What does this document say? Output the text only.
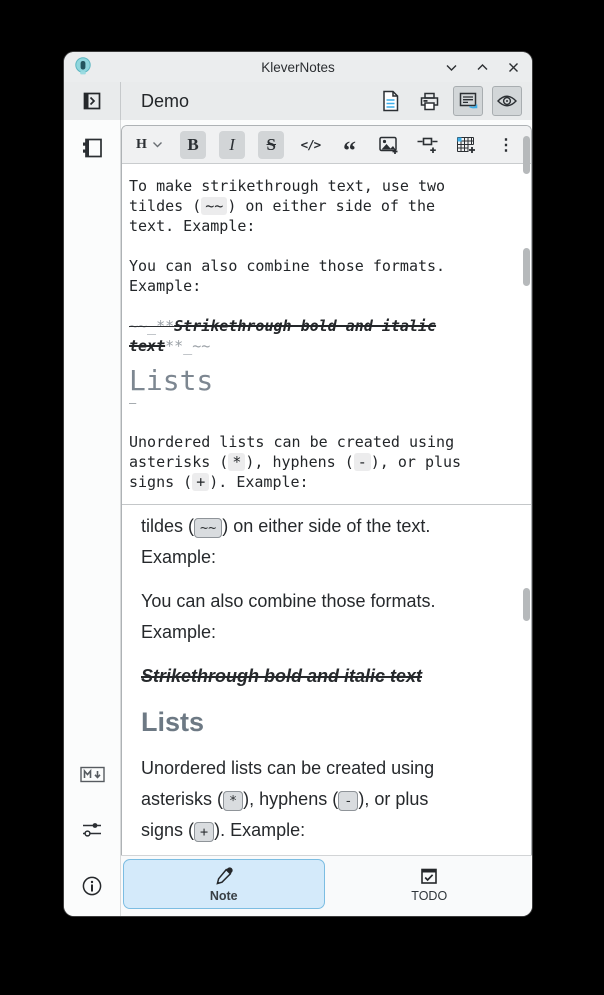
KleverNotes
Demo
H	B	I	S	</> “	⋮
To make strikethrough text, use two
tildes ( ~~ ) on either side of the
text. Example:
You can also combine those formats.
Example:
~~_**Strikethrough bold and italic
text**_~~
Lists
–
Unordered lists can be created using
asterisks ( * ), hyphens ( - ), or plus
signs ( + ). Example:
tildes ( ~~ ) on either side of the text.
Example:
You can also combine those formats.
Example:
Strikethrough bold and italic text
Lists
Unordered lists can be created using
asterisks ( * ), hyphens ( - ), or plus
signs ( + ). Example:
Note	TODO
